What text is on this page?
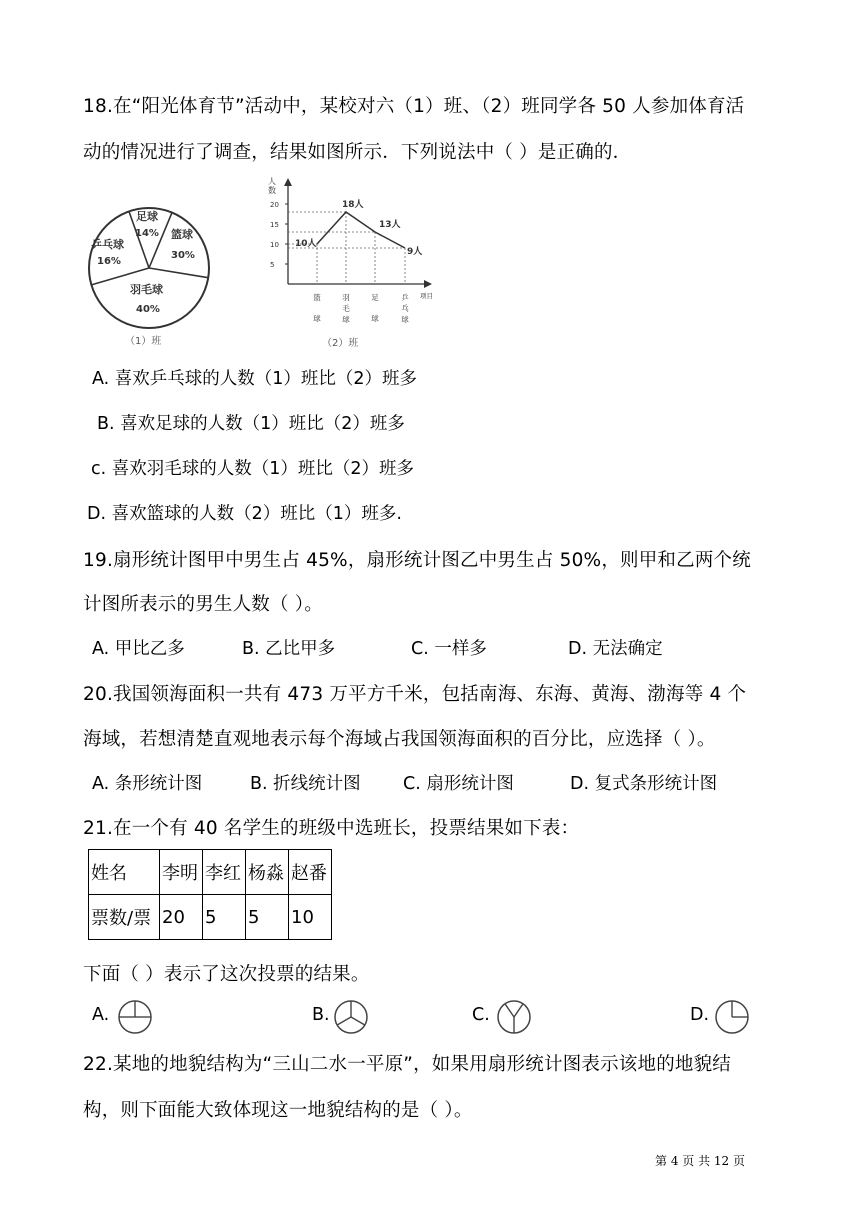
18.在“阳光体育节”活动中，某校对六（1）班、（2）班同学各 50 人参加体育活
动的情况进行了调查，结果如图所示．下列说法中（ ）是正确的．
足球
14% 篮球
30%
乒乓球
16%
羽毛球
40%
（1）班
人
数
项目
20
15
10
5
10人
18人
13人
9人
篮球
羽毛球
足球
乒乓球
（2）班
A. 喜欢乒乓球的人数（1）班比（2）班多
B. 喜欢足球的人数（1）班比（2）班多
c. 喜欢羽毛球的人数（1）班比（2）班多
D. 喜欢篮球的人数（2）班比（1）班多.
19.扇形统计图甲中男生占 45%，扇形统计图乙中男生占 50%，则甲和乙两个统
计图所表示的男生人数（ ）。
A. 甲比乙多	B. 乙比甲多	C. 一样多	D. 无法确定
20.我国领海面积一共有 473 万平方千米，包括南海、东海、黄海、渤海等 4 个
海域，若想清楚直观地表示每个海域占我国领海面积的百分比，应选择（ ）。
A. 条形统计图	B. 折线统计图 C. 扇形统计图	D. 复式条形统计图
21.在一个有 40 名学生的班级中选班长，投票结果如下表：
姓名	李明	李红	杨淼	赵番
票数/票	20	5	5	10
下面（ ）表示了这次投票的结果。
A.	B.	C.	D.
22.某地的地貌结构为“三山二水一平原”，如果用扇形统计图表示该地的地貌结
构，则下面能大致体现这一地貌结构的是（ ）。
第 4 页 共 12 页
